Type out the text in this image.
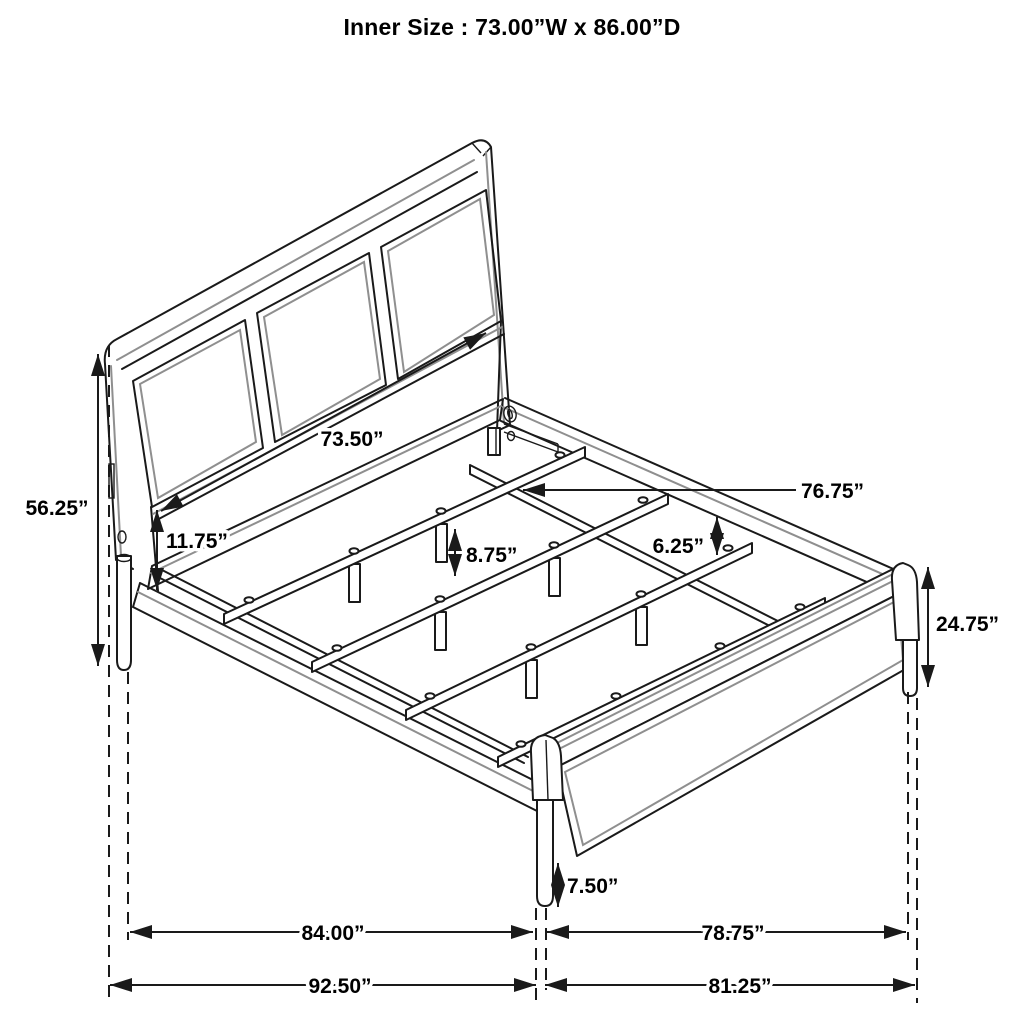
Inner Size : 73.00”W x 86.00”D
56.25”
11.75”
73.50”
76.75”
8.75”	6.25”
24.75”
7.50”
84.00”	78.75”
92.50”	81.25”
